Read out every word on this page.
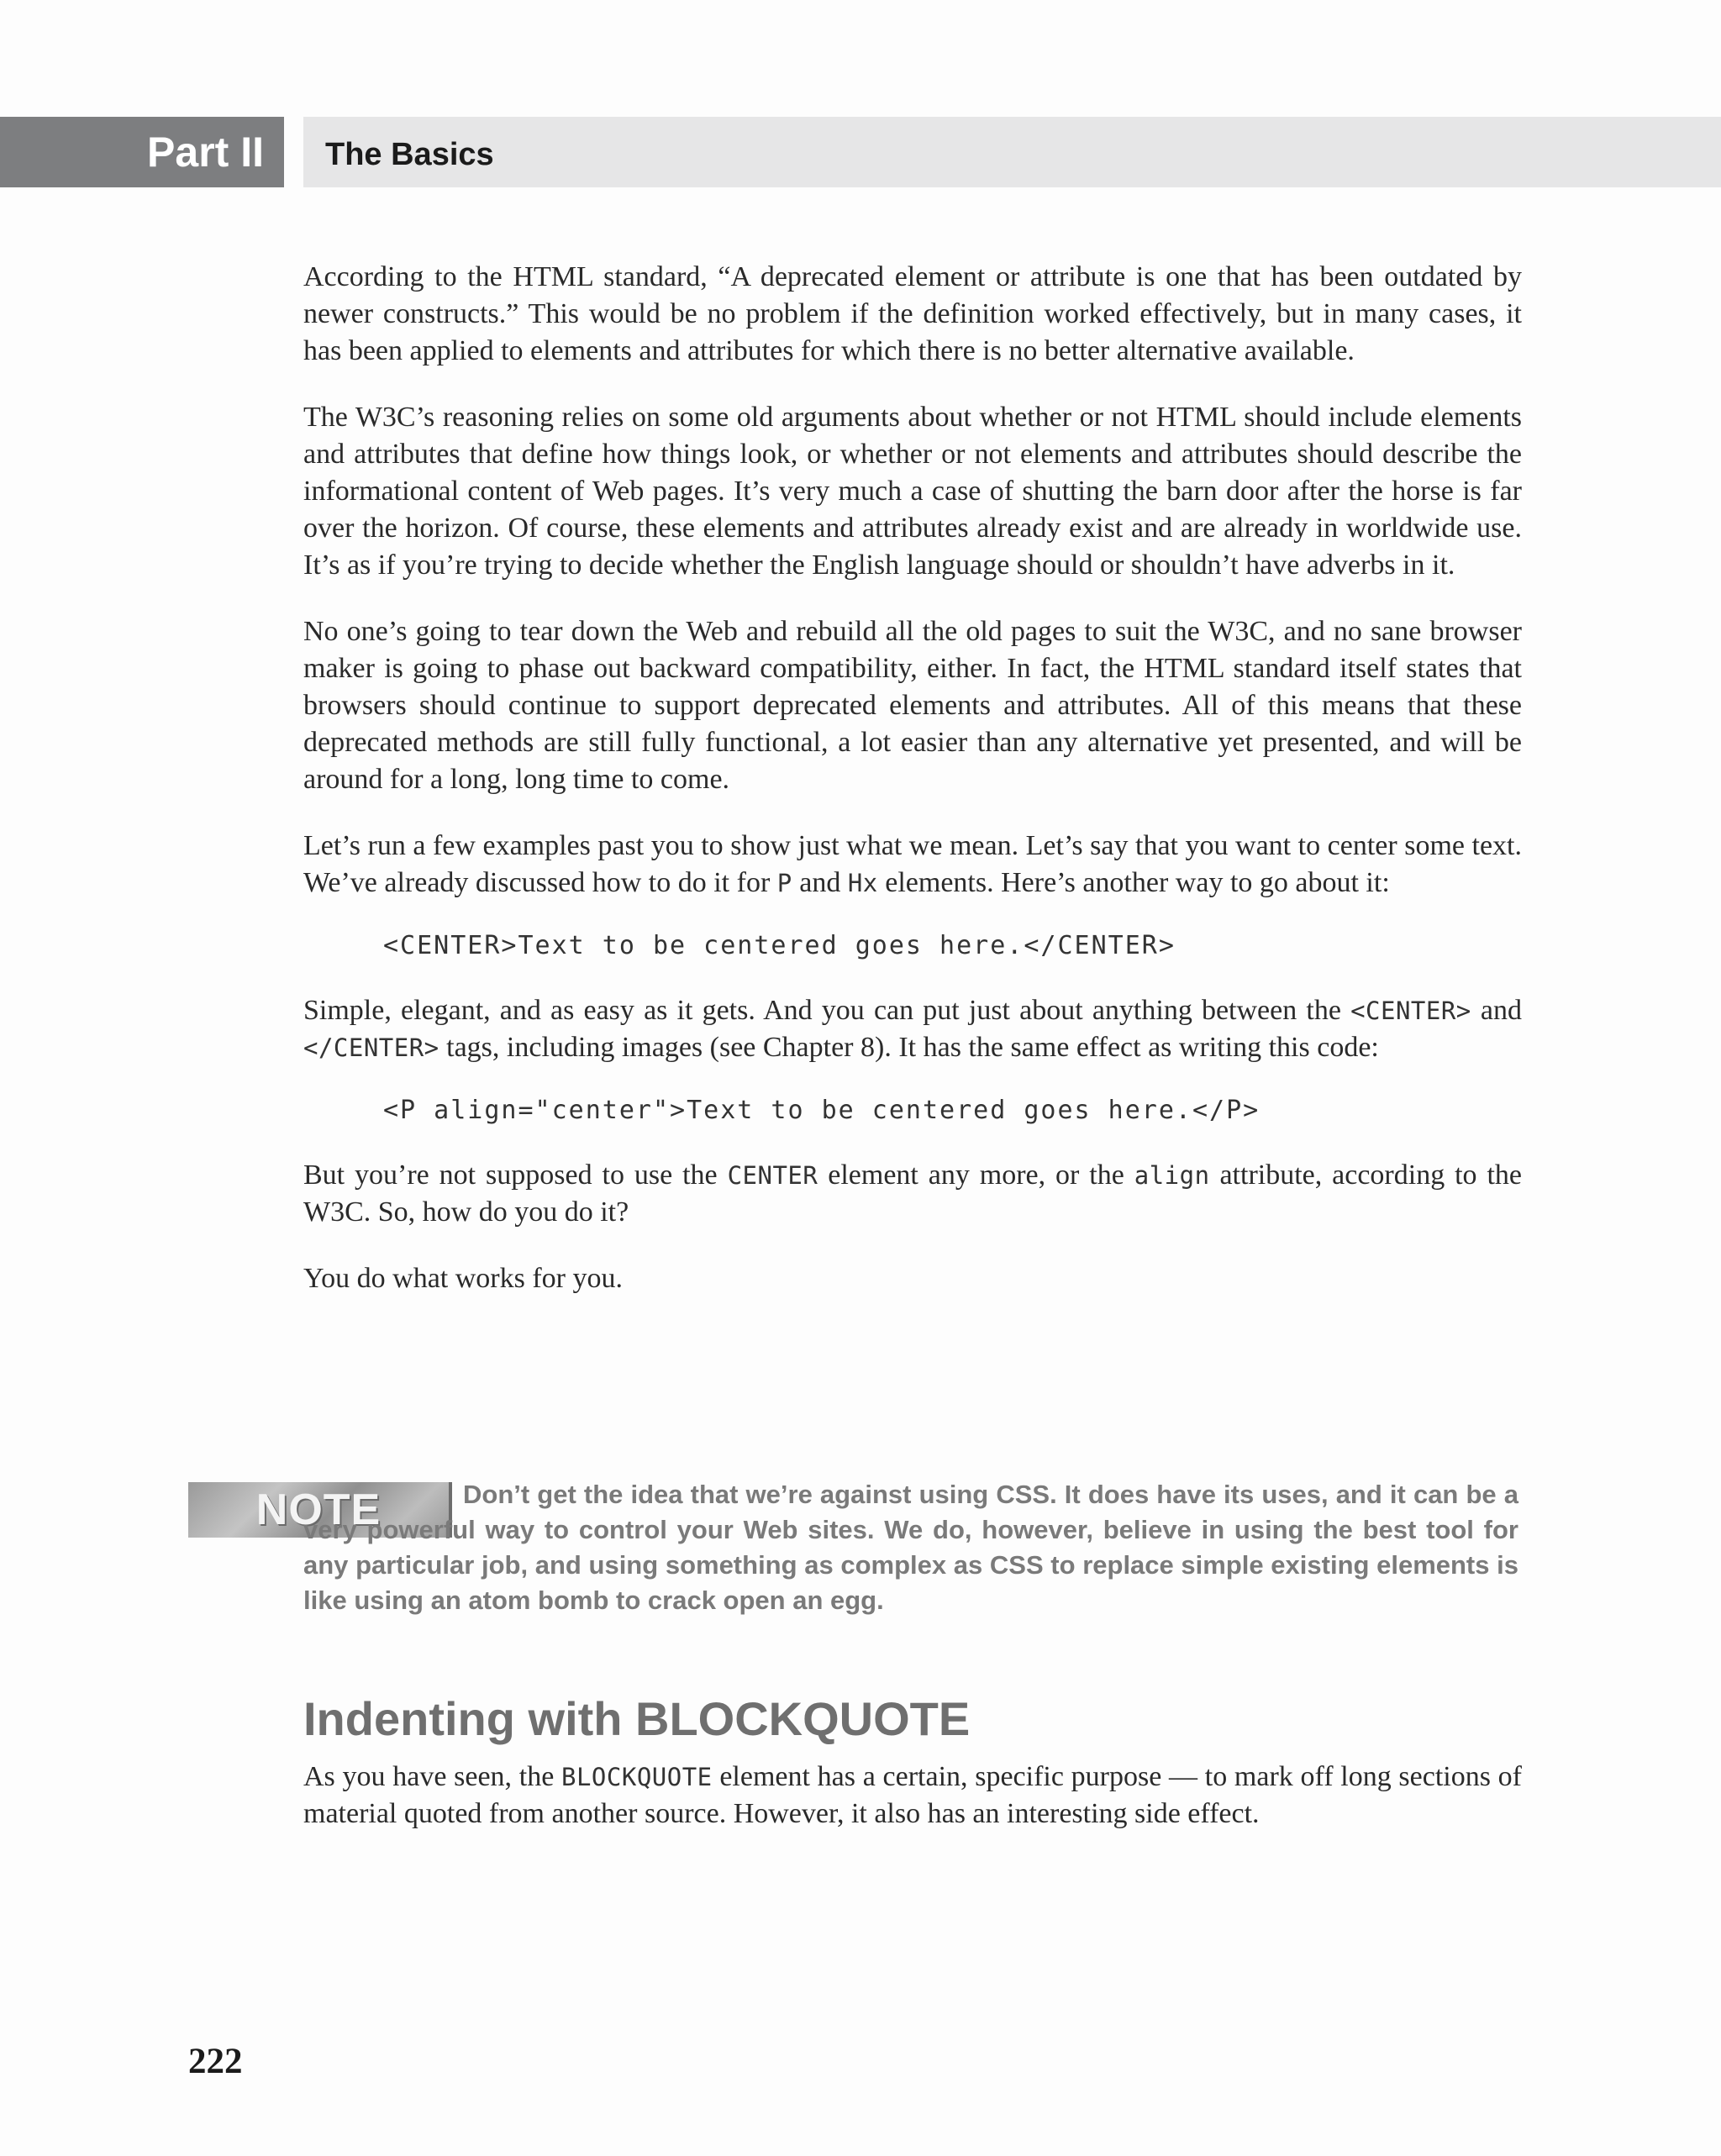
Part II	The Basics

According to the HTML standard, “A deprecated element or attribute is one that has been outdated by newer constructs.” This would be no problem if the definition worked effectively, but in many cases, it has been applied to elements and attributes for which there is no better alternative available.

The W3C’s reasoning relies on some old arguments about whether or not HTML should include elements and attributes that define how things look, or whether or not elements and attributes should describe the informational content of Web pages. It’s very much a case of shutting the barn door after the horse is far over the horizon. Of course, these elements and attributes already exist and are already in worldwide use. It’s as if you’re trying to decide whether the English language should or shouldn’t have adverbs in it.

No one’s going to tear down the Web and rebuild all the old pages to suit the W3C, and no sane browser maker is going to phase out backward compatibility, either. In fact, the HTML standard itself states that browsers should continue to support deprecated elements and attributes. All of this means that these deprecated methods are still fully functional, a lot easier than any alternative yet presented, and will be around for a long, long time to come.

Let’s run a few examples past you to show just what we mean. Let’s say that you want to center some text. We’ve already discussed how to do it for P and Hx elements. Here’s another way to go about it:

<CENTER>Text to be centered goes here.</CENTER>

Simple, elegant, and as easy as it gets. And you can put just about anything between the <CENTER> and </CENTER> tags, including images (see Chapter 8). It has the same effect as writing this code:

<P align="center">Text to be centered goes here.</P>

But you’re not supposed to use the CENTER element any more, or the align attribute, according to the W3C. So, how do you do it?

You do what works for you.

NOTE	Don’t get the idea that we’re against using CSS. It does have its uses, and it can be a very powerful way to control your Web sites. We do, however, believe in using the best tool for any particular job, and using something as complex as CSS to replace simple existing elements is like using an atom bomb to crack open an egg.

Indenting with BLOCKQUOTE

As you have seen, the BLOCKQUOTE element has a certain, specific purpose — to mark off long sections of material quoted from another source. However, it also has an interesting side effect.

222
